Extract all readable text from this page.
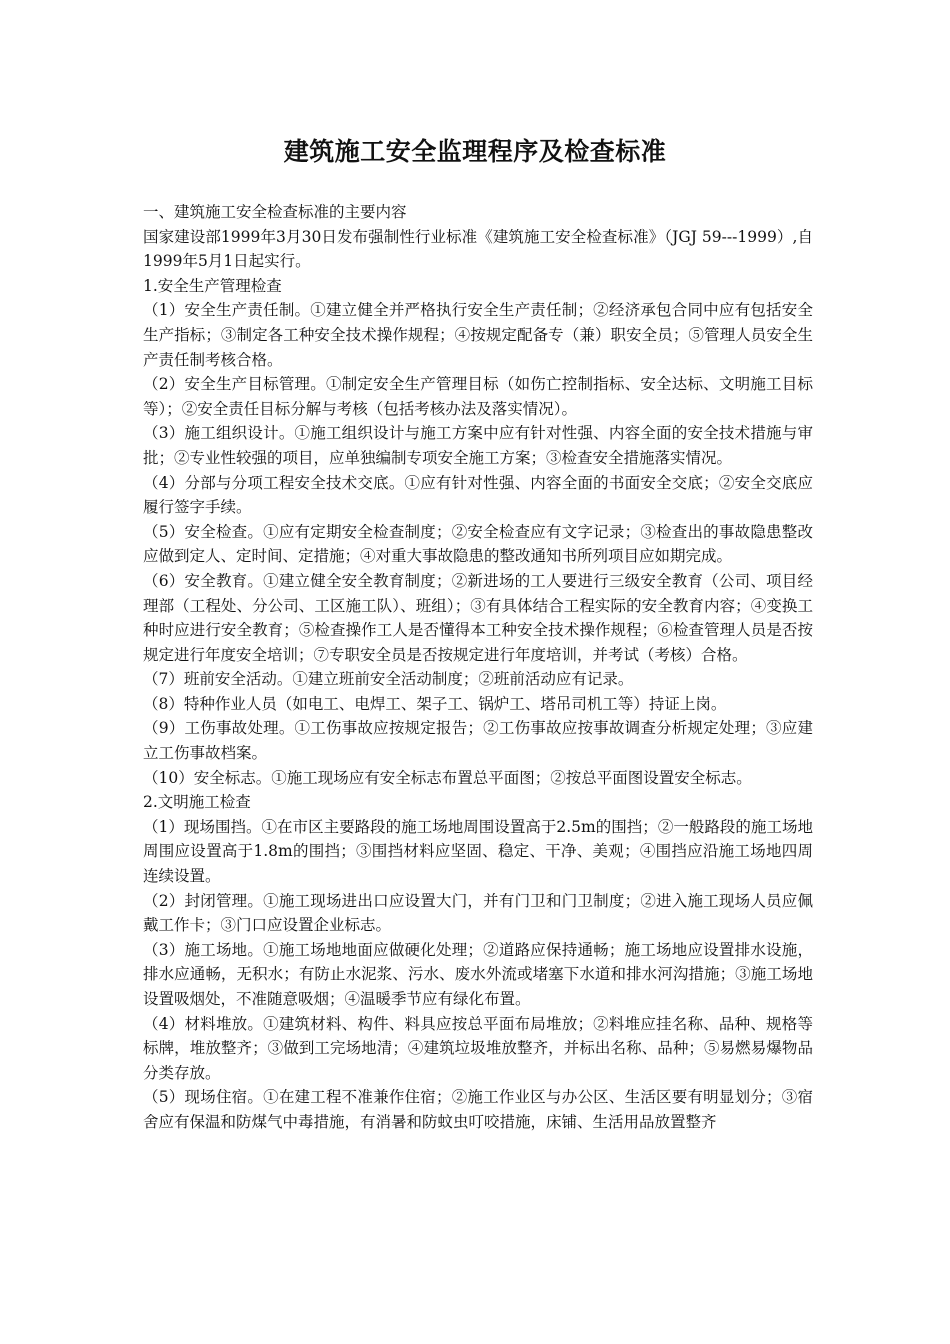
建筑施工安全监理程序及检查标准

一、建筑施工安全检查标准的主要内容

国家建设部1999年3月30日发布强制性行业标准《建筑施工安全检查标准》（JGJ 59---1999）,自1999年5月1日起实行。

1.安全生产管理检查

（1）安全生产责任制。①建立健全并严格执行安全生产责任制；②经济承包合同中应有包括安全生产指标；③制定各工种安全技术操作规程；④按规定配备专（兼）职安全员；⑤管理人员安全生产责任制考核合格。

（2）安全生产目标管理。①制定安全生产管理目标（如伤亡控制指标、安全达标、文明施工目标等）；②安全责任目标分解与考核（包括考核办法及落实情况）。

（3）施工组织设计。①施工组织设计与施工方案中应有针对性强、内容全面的安全技术措施与审批；②专业性较强的项目，应单独编制专项安全施工方案；③检查安全措施落实情况。

（4）分部与分项工程安全技术交底。①应有针对性强、内容全面的书面安全交底；②安全交底应履行签字手续。

（5）安全检查。①应有定期安全检查制度；②安全检查应有文字记录；③检查出的事故隐患整改应做到定人、定时间、定措施；④对重大事故隐患的整改通知书所列项目应如期完成。

（6）安全教育。①建立健全安全教育制度；②新进场的工人要进行三级安全教育（公司、项目经理部（工程处、分公司、工区施工队）、班组）；③有具体结合工程实际的安全教育内容；④变换工种时应进行安全教育；⑤检查操作工人是否懂得本工种安全技术操作规程；⑥检查管理人员是否按规定进行年度安全培训；⑦专职安全员是否按规定进行年度培训，并考试（考核）合格。

（7）班前安全活动。①建立班前安全活动制度；②班前活动应有记录。

（8）特种作业人员（如电工、电焊工、架子工、锅炉工、塔吊司机工等）持证上岗。

（9）工伤事故处理。①工伤事故应按规定报告；②工伤事故应按事故调查分析规定处理；③应建立工伤事故档案。

（10）安全标志。①施工现场应有安全标志布置总平面图；②按总平面图设置安全标志。

2.文明施工检查

（1）现场围挡。①在市区主要路段的施工场地周围设置高于2.5m的围挡；②一般路段的施工场地周围应设置高于1.8m的围挡；③围挡材料应坚固、稳定、干净、美观；④围挡应沿施工场地四周连续设置。

（2）封闭管理。①施工现场进出口应设置大门，并有门卫和门卫制度；②进入施工现场人员应佩戴工作卡；③门口应设置企业标志。

（3）施工场地。①施工场地地面应做硬化处理；②道路应保持通畅；施工场地应设置排水设施，排水应通畅，无积水；有防止水泥浆、污水、废水外流或堵塞下水道和排水河沟措施；③施工场地设置吸烟处，不准随意吸烟；④温暖季节应有绿化布置。

（4）材料堆放。①建筑材料、构件、料具应按总平面布局堆放；②料堆应挂名称、品种、规格等标牌，堆放整齐；③做到工完场地清；④建筑垃圾堆放整齐，并标出名称、品种；⑤易燃易爆物品分类存放。

（5）现场住宿。①在建工程不准兼作住宿；②施工作业区与办公区、生活区要有明显划分；③宿舍应有保温和防煤气中毒措施，有消暑和防蚊虫叮咬措施，床铺、生活用品放置整齐
